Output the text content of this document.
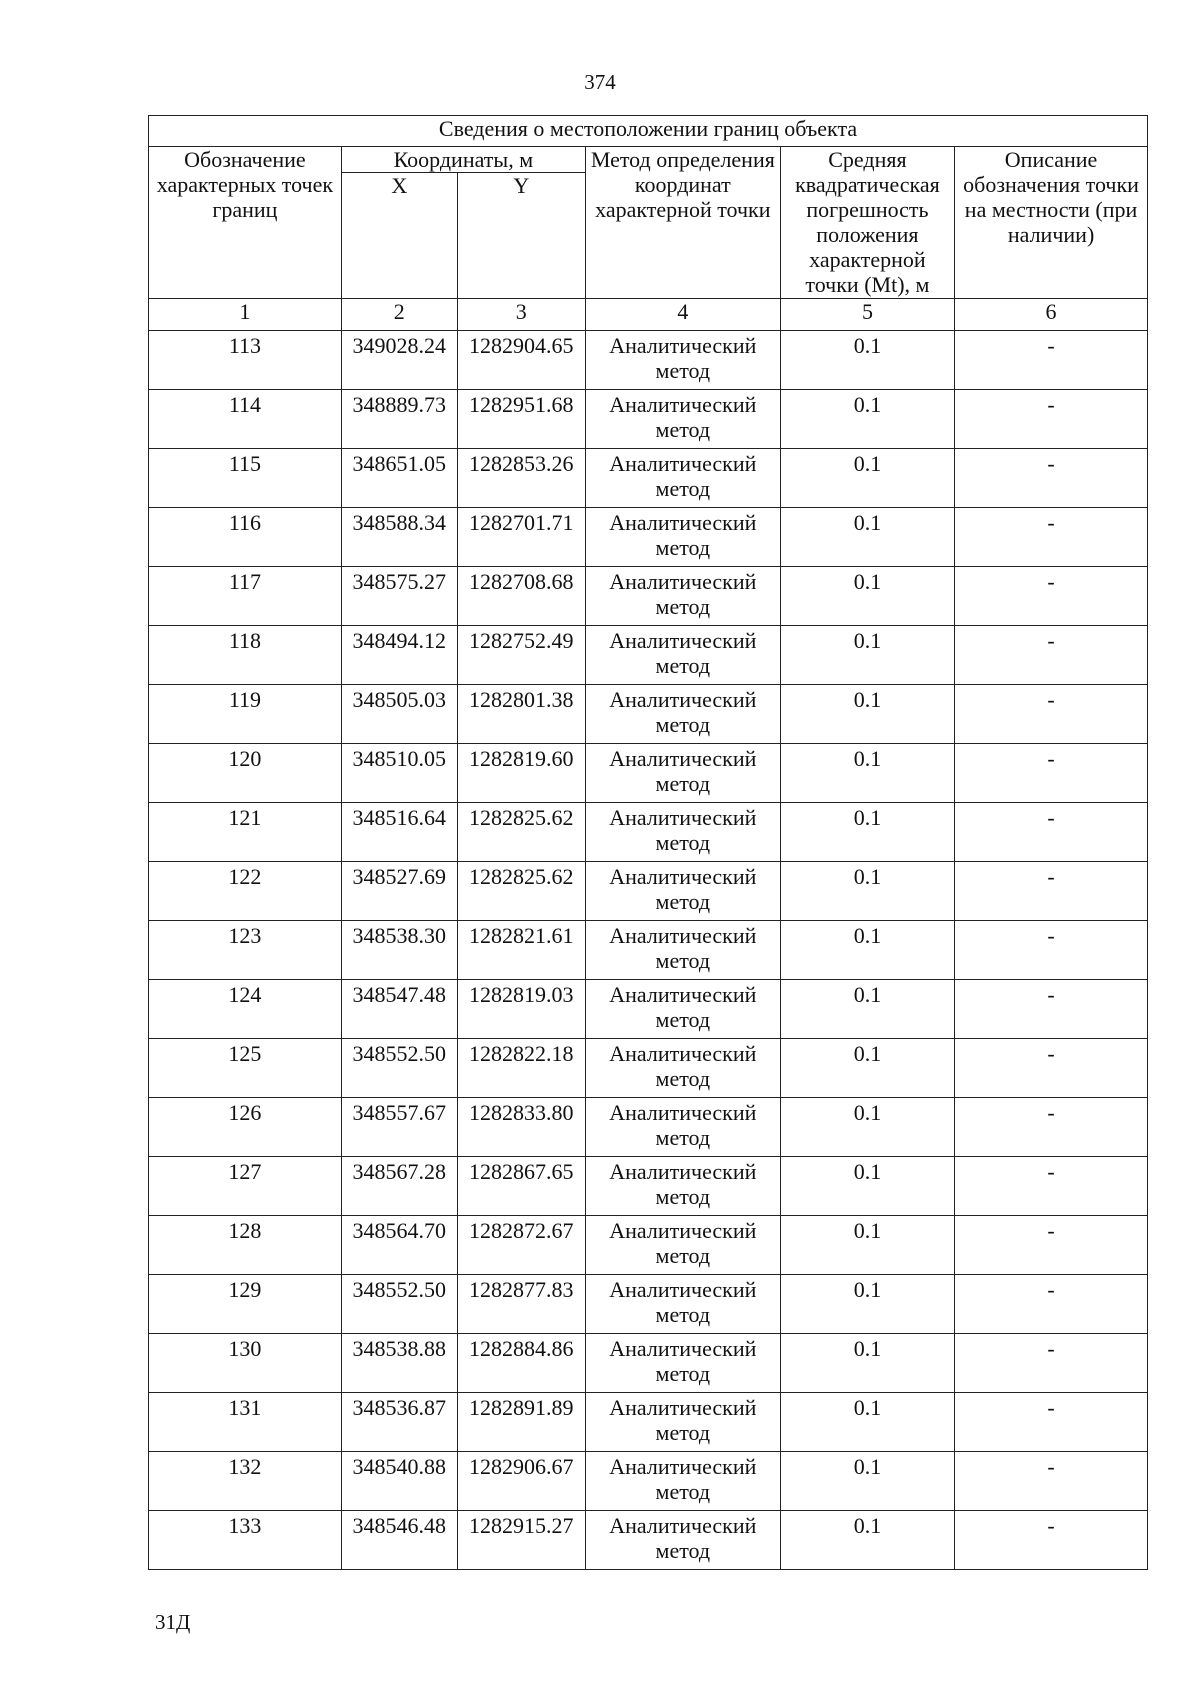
374
Сведения о местоположении границ объекта					
Обозначение характерных точек границ	Координаты, м		Метод определения координат характерной точки	Средняя квадратическая погрешность положения характерной точки (Mt), м	Описание обозначения точки на местности (при наличии)
	X	Y			
1	2	3	4	5	6
113	349028.24	1282904.65	Аналитический метод	0.1	-
114	348889.73	1282951.68	Аналитический метод	0.1	-
115	348651.05	1282853.26	Аналитический метод	0.1	-
116	348588.34	1282701.71	Аналитический метод	0.1	-
117	348575.27	1282708.68	Аналитический метод	0.1	-
118	348494.12	1282752.49	Аналитический метод	0.1	-
119	348505.03	1282801.38	Аналитический метод	0.1	-
120	348510.05	1282819.60	Аналитический метод	0.1	-
121	348516.64	1282825.62	Аналитический метод	0.1	-
122	348527.69	1282825.62	Аналитический метод	0.1	-
123	348538.30	1282821.61	Аналитический метод	0.1	-
124	348547.48	1282819.03	Аналитический метод	0.1	-
125	348552.50	1282822.18	Аналитический метод	0.1	-
126	348557.67	1282833.80	Аналитический метод	0.1	-
127	348567.28	1282867.65	Аналитический метод	0.1	-
128	348564.70	1282872.67	Аналитический метод	0.1	-
129	348552.50	1282877.83	Аналитический метод	0.1	-
130	348538.88	1282884.86	Аналитический метод	0.1	-
131	348536.87	1282891.89	Аналитический метод	0.1	-
132	348540.88	1282906.67	Аналитический метод	0.1	-
133	348546.48	1282915.27	Аналитический метод	0.1	-
31Д
